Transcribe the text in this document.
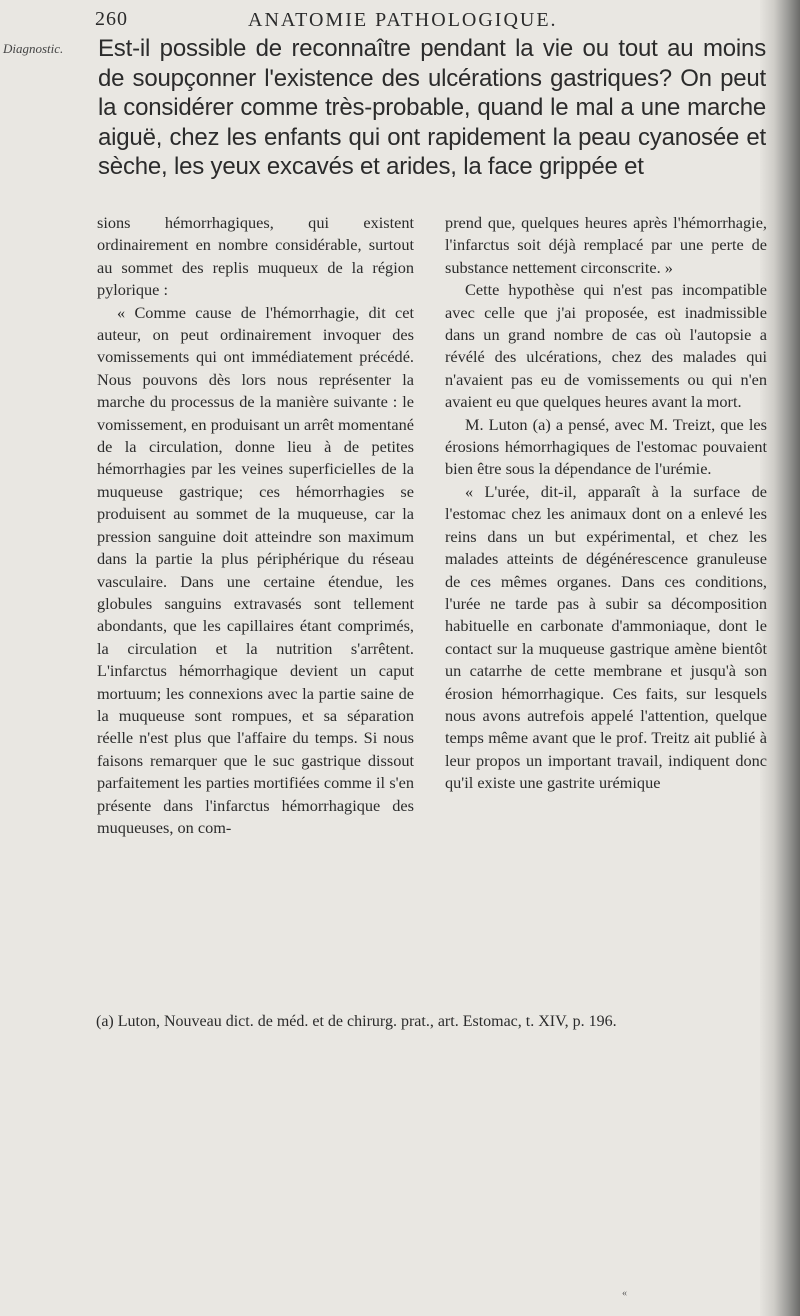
260	ANATOMIE PATHOLOGIQUE.
Diagnostic. Est-il possible de reconnaître pendant la vie ou tout au moins de soupçonner l'existence des ulcérations gastriques? On peut la considérer comme très-probable, quand le mal a une marche aiguë, chez les enfants qui ont rapidement la peau cyanosée et sèche, les yeux excavés et arides, la face grippée et

sions hémorrhagiques, qui existent ordinairement en nombre considérable, surtout au sommet des replis muqueux de la région pylorique :

« Comme cause de l'hémorrhagie, dit cet auteur, on peut ordinairement invoquer des vomissements qui ont immédiatement précédé. Nous pouvons dès lors nous représenter la marche du processus de la manière suivante : le vomissement, en produisant un arrêt momentané de la circulation, donne lieu à de petites hémorrhagies par les veines superficielles de la muqueuse gastrique; ces hémorrhagies se produisent au sommet de la muqueuse, car la pression sanguine doit atteindre son maximum dans la partie la plus périphérique du réseau vasculaire. Dans une certaine étendue, les globules sanguins extravasés sont tellement abondants, que les capillaires étant comprimés, la circulation et la nutrition s'arrêtent. L'infarctus hémorrhagique devient un caput mortuum; les connexions avec la partie saine de la muqueuse sont rompues, et sa séparation réelle n'est plus que l'affaire du temps. Si nous faisons remarquer que le suc gastrique dissout parfaitement les parties mortifiées comme il s'en présente dans l'infarctus hémorrhagique des muqueuses, on com-

prend que, quelques heures après l'hémorrhagie, l'infarctus soit déjà remplacé par une perte de substance nettement circonscrite. »

Cette hypothèse qui n'est pas incompatible avec celle que j'ai proposée, est inadmissible dans un grand nombre de cas où l'autopsie a révélé des ulcérations, chez des malades qui n'avaient pas eu de vomissements ou qui n'en avaient eu que quelques heures avant la mort.

M. Luton (a) a pensé, avec M. Treizt, que les érosions hémorrhagiques de l'estomac pouvaient bien être sous la dépendance de l'urémie.

« L'urée, dit-il, apparaît à la surface de l'estomac chez les animaux dont on a enlevé les reins dans un but expérimental, et chez les malades atteints de dégénérescence granuleuse de ces mêmes organes. Dans ces conditions, l'urée ne tarde pas à subir sa décomposition habituelle en carbonate d'ammoniaque, dont le contact sur la muqueuse gastrique amène bientôt un catarrhe de cette membrane et jusqu'à son érosion hémorrhagique. Ces faits, sur lesquels nous avons autrefois appelé l'attention, quelque temps même avant que le prof. Treitz ait publié à leur propos un important travail, indiquent donc qu'il existe une gastrite urémique

(a) Luton, Nouveau dict. de méd. et de chirurg. prat., art. Estomac, t. XIV, p. 196.
«
